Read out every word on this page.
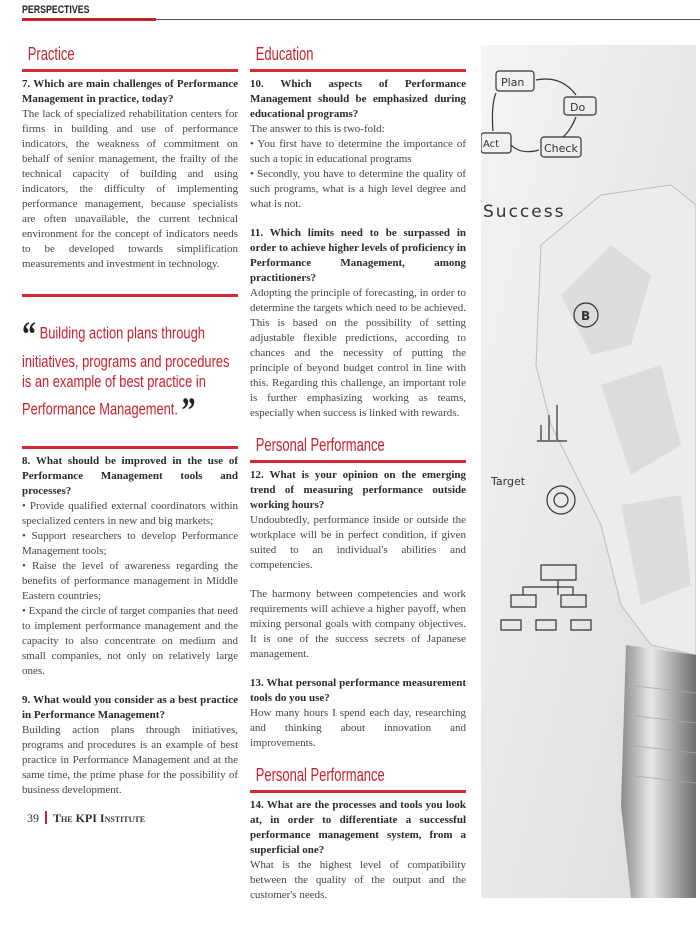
PERSPECTIVES
Practice
7. Which are main challenges of Performance Management in practice, today?
The lack of specialized rehabilitation centers for firms in building and use of performance indicators, the weakness of commitment on behalf of senior management, the frailty of the technical capacity of building and using indicators, the difficulty of implementing performance management, because specialists are often unavailable, the current technical environment for the concept of indicators needs to be developed towards simplification measurements and investment in technology.
“ Building action plans through initiatives, programs and procedures is an example of best practice in Performance Management. ”
8. What should be improved in the use of Performance Management tools and processes?

• Provide qualified external coordinators within specialized centers in new and big markets;

• Support researchers to develop Performance Management tools;

• Raise the level of awareness regarding the benefits of performance management in Middle Eastern countries;

• Expand the circle of target companies that need to implement performance management and the capacity to also concentrate on medium and small companies, not only on relatively large ones.

9. What would you consider as a best practice in Performance Management?
Building action plans through initiatives, programs and procedures is an example of best practice in Performance Management and at the same time, the prime phase for the possibility of business development.
39 The KPI Institute
Education
10. Which aspects of Performance Management should be emphasized during educational programs?

The answer to this is two-fold:

• You first have to determine the importance of such a topic in educational programs

• Secondly, you have to determine the quality of such programs, what is a high level degree and what is not.

11. Which limits need to be surpassed in order to achieve higher levels of proficiency in Performance Management, among practitioners?
Adopting the principle of forecasting, in order to determine the targets which need to be achieved. This is based on the possibility of setting adjustable flexible predictions, according to chances and the necessity of putting the principle of beyond budget control in line with this. Regarding this challenge, an important role is further emphasizing working as teams, especially when success is linked with rewards.
Personal Performance
12. What is your opinion on the emerging trend of measuring performance outside working hours?

Undoubtedly, performance inside or outside the workplace will be in perfect condition, if given suited to an individual's abilities and competencies.

The harmony between competencies and work requirements will achieve a higher payoff, when mixing personal goals with company objectives. It is one of the success secrets of Japanese management.

13. What personal performance measurement tools do you use?
How many hours I spend each day, researching and thinking about innovation and improvements.
Personal Performance
14. What are the processes and tools you look at, in order to differentiate a successful performance management system, from a superficial one?
What is the highest level of compatibility between the quality of the output and the customer's needs.
Plan
Do
Act	Check
Success
Target
B
